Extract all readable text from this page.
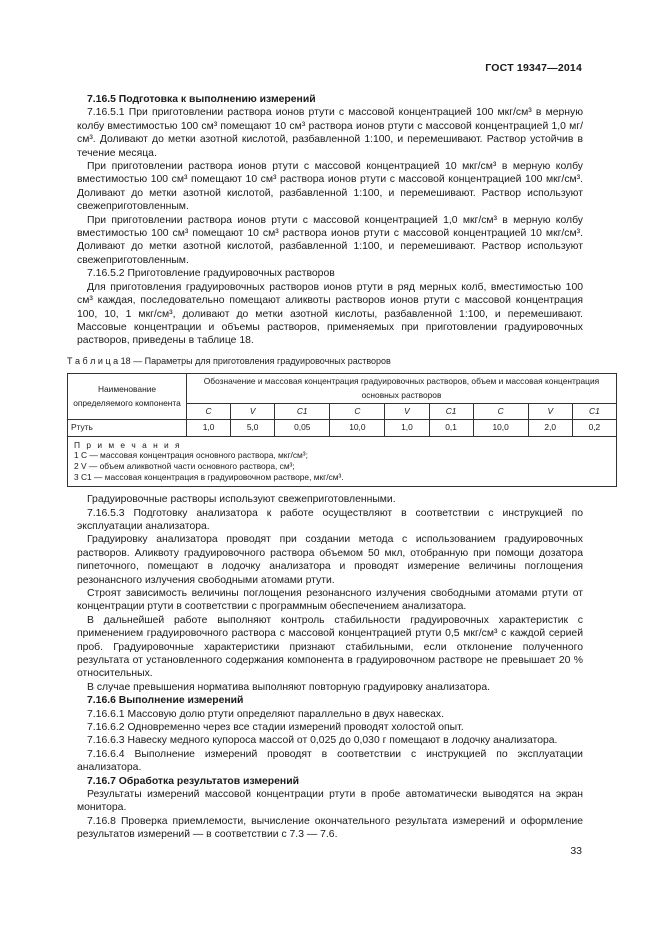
ГОСТ 19347—2014

7.16.5 Подготовка к выполнению измерений

7.16.5.1 При приготовлении раствора ионов ртути с массовой концентрацией 100 мкг/см³ в мерную колбу вместимостью 100 см³ помещают 10 см³ раствора ионов ртути с массовой концентрацией 1,0 мг/см³. Доливают до метки азотной кислотой, разбавленной 1:100, и перемешивают. Раствор устойчив в течение месяца.

При приготовлении раствора ионов ртути с массовой концентрацией 10 мкг/см³ в мерную колбу вместимостью 100 см³ помещают 10 см³ раствора ионов ртути с массовой концентрацией 100 мкг/см³. Доливают до метки азотной кислотой, разбавленной 1:100, и перемешивают. Раствор используют свежеприготовленным.

При приготовлении раствора ионов ртути с массовой концентрацией 1,0 мкг/см³ в мерную колбу вместимостью 100 см³ помещают 10 см³ раствора ионов ртути с массовой концентрацией 10 мкг/см³. Доливают до метки азотной кислотой, разбавленной 1:100, и перемешивают. Раствор используют свежеприготовленным.

7.16.5.2 Приготовление градуировочных растворов

Для приготовления градуировочных растворов ионов ртути в ряд мерных колб, вместимостью 100 см³ каждая, последовательно помещают аликвоты растворов ионов ртути с массовой концентрация 100, 10, 1 мкг/см³, доливают до метки азотной кислоты, разбавленной 1:100, и перемешивают. Массовые концентрации и объемы растворов, применяемых при приготовлении градуировочных растворов, приведены в таблице 18.

Т а б л и ц а 18 — Параметры для приготовления градуировочных растворов
Наименование определяемого компонента	Обозначение и массовая концентрация градуировочных растворов, объем и массовая концентрация основных растворов								
	C	V	C1	C	V	C1	C	V	C1
Ртуть	1,0	5,0	0,05	10,0	1,0	0,1	10,0	2,0	0,2

П р и м е ч а н и я
1 C — массовая концентрация основного раствора, мкг/см³;
2 V — объем аликвотной части основного раствора, см³;
3 C1 — массовая концентрация в градуировочном растворе, мкг/см³.									

Градуировочные растворы используют свежеприготовленными.

7.16.5.3 Подготовку анализатора к работе осуществляют в соответствии с инструкцией по эксплуатации анализатора.

Градуировку анализатора проводят при создании метода с использованием градуировочных растворов. Аликвоту градуировочного раствора объемом 50 мкл, отобранную при помощи дозатора пипеточного, помещают в лодочку анализатора и проводят измерение величины поглощения резонансного излучения свободными атомами ртути.

Строят зависимость величины поглощения резонансного излучения свободными атомами ртути от концентрации ртути в соответствии с программным обеспечением анализатора.

В дальнейшей работе выполняют контроль стабильности градуировочных характеристик с применением градуировочного раствора с массовой концентрацией ртути 0,5 мкг/см³ с каждой серией проб. Градуировочные характеристики признают стабильными, если отклонение полученного результата от установленного содержания компонента в градуировочном растворе не превышает 20 % относительных.

В случае превышения норматива выполняют повторную градуировку анализатора.

7.16.6 Выполнение измерений

7.16.6.1 Массовую долю ртути определяют параллельно в двух навесках.

7.16.6.2 Одновременно через все стадии измерений проводят холостой опыт.

7.16.6.3 Навеску медного купороса массой от 0,025 до 0,030 г помещают в лодочку анализатора.

7.16.6.4 Выполнение измерений проводят в соответствии с инструкцией по эксплуатации анализатора.

7.16.7 Обработка результатов измерений

Результаты измерений массовой концентрации ртути в пробе автоматически выводятся на экран монитора.

7.16.8 Проверка приемлемости, вычисление окончательного результата измерений и оформление результатов измерений — в соответствии с 7.3 — 7.6.

33
